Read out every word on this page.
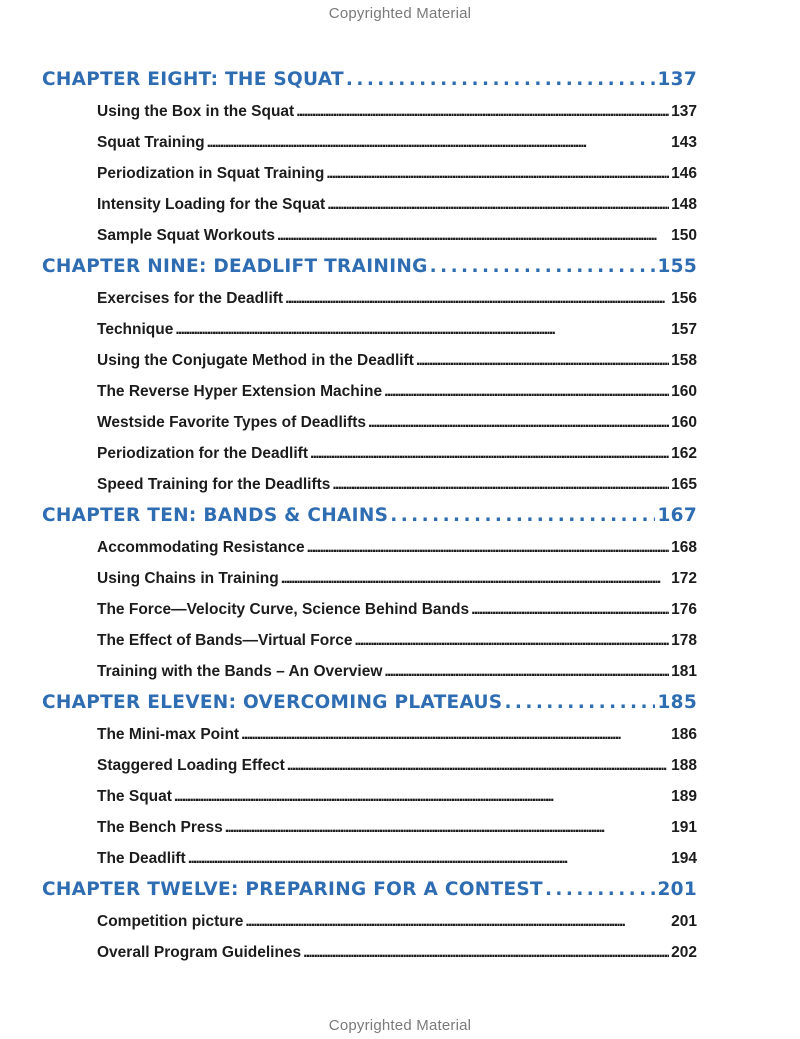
Copyrighted Material
CHAPTER EIGHT: THE SQUAT . . .	137
Using the Box in the Squat . . .	137
Squat Training . . .	143
Periodization in Squat Training . . .	146
Intensity Loading for the Squat . . .	148
Sample Squat Workouts . . .	150
CHAPTER NINE: DEADLIFT TRAINING . . .	155
Exercises for the Deadlift . . .	156
Technique . . .	157
Using the Conjugate Method in the Deadlift . . .	158
The Reverse Hyper Extension Machine . . .	160
Westside Favorite Types of Deadlifts . . .	160
Periodization for the Deadlift . . .	162
Speed Training for the Deadlifts . . .	165
CHAPTER TEN: BANDS & CHAINS . . .	167
Accommodating Resistance . . .	168
Using Chains in Training . . .	172
The Force—Velocity Curve, Science Behind Bands . . .	176
The Effect of Bands—Virtual Force . . .	178
Training with the Bands – An Overview . . .	181
CHAPTER ELEVEN: OVERCOMING PLATEAUS . . .	185
The Mini-max Point . . .	186
Staggered Loading Effect . . .	188
The Squat . . .	189
The Bench Press . . .	191
The Deadlift . . .	194
CHAPTER TWELVE: PREPARING FOR A CONTEST . . .	201
Competition picture . . .	201
Overall Program Guidelines . . .	202
Copyrighted Material
